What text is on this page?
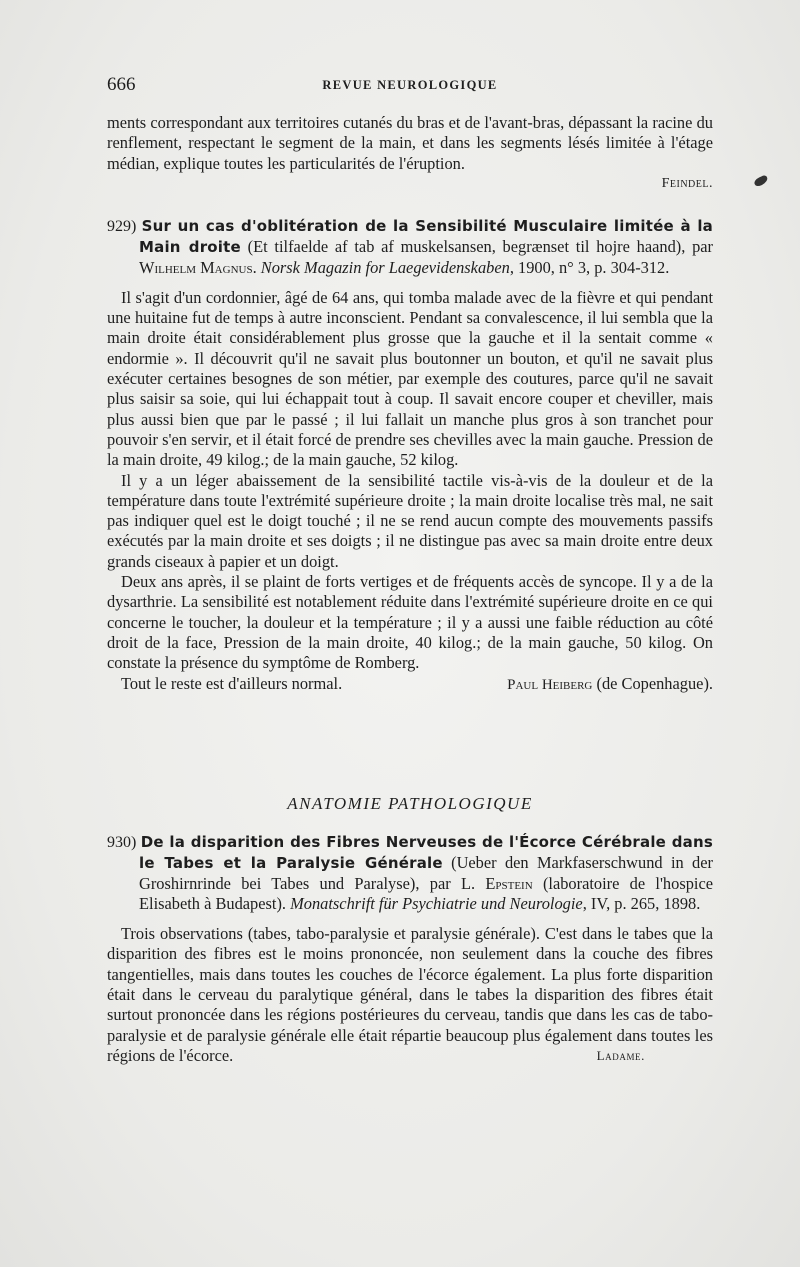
666	REVUE NEUROLOGIQUE

ments correspondant aux territoires cutanés du bras et de l'avant-bras, dépassant la racine du renflement, respectant le segment de la main, et dans les segments lésés limitée à l'étage médian, explique toutes les particularités de l'éruption.

Feindel.
929) Sur un cas d'oblitération de la Sensibilité Musculaire limitée à la Main droite (Et tilfaelde af tab af muskelsansen, begrænset til hojre haand), par Wilhelm Magnus. Norsk Magazin for Laegevidenskaben, 1900, n° 3, p. 304-312.

Il s'agit d'un cordonnier, âgé de 64 ans, qui tomba malade avec de la fièvre et qui pendant une huitaine fut de temps à autre inconscient. Pendant sa convalescence, il lui sembla que la main droite était considérablement plus grosse que la gauche et il la sentait comme « endormie ». Il découvrit qu'il ne savait plus boutonner un bouton, et qu'il ne savait plus exécuter certaines besognes de son métier, par exemple des coutures, parce qu'il ne savait plus saisir sa soie, qui lui échappait tout à coup. Il savait encore couper et cheviller, mais plus aussi bien que par le passé ; il lui fallait un manche plus gros à son tranchet pour pouvoir s'en servir, et il était forcé de prendre ses chevilles avec la main gauche. Pression de la main droite, 49 kilog.; de la main gauche, 52 kilog.

Il y a un léger abaissement de la sensibilité tactile vis-à-vis de la douleur et de la température dans toute l'extrémité supérieure droite ; la main droite localise très mal, ne sait pas indiquer quel est le doigt touché ; il ne se rend aucun compte des mouvements passifs exécutés par la main droite et ses doigts ; il ne distingue pas avec sa main droite entre deux grands ciseaux à papier et un doigt.

Deux ans après, il se plaint de forts vertiges et de fréquents accès de syncope. Il y a de la dysarthrie. La sensibilité est notablement réduite dans l'extrémité supérieure droite en ce qui concerne le toucher, la douleur et la température ; il y a aussi une faible réduction au côté droit de la face, Pression de la main droite, 40 kilog.; de la main gauche, 50 kilog. On constate la présence du symptôme de Romberg.

Tout le reste est d'ailleurs normal.	Paul Heiberg (de Copenhague).
ANATOMIE PATHOLOGIQUE
930) De la disparition des Fibres Nerveuses de l'Écorce Cérébrale dans le Tabes et la Paralysie Générale (Ueber den Markfaserschwund in der Groshirnrinde bei Tabes und Paralyse), par L. Epstein (laboratoire de l'hospice Elisabeth à Budapest). Monatschrift für Psychiatrie und Neurologie, IV, p. 265, 1898.

Trois observations (tabes, tabo-paralysie et paralysie générale). C'est dans le tabes que la disparition des fibres est le moins prononcée, non seulement dans la couche des fibres tangentielles, mais dans toutes les couches de l'écorce également. La plus forte disparition était dans le cerveau du paralytique général, dans le tabes la disparition des fibres était surtout prononcée dans les régions postérieures du cerveau, tandis que dans les cas de tabo-paralysie et de paralysie générale elle était répartie beaucoup plus également dans toutes les régions de l'écorce.	Ladame.
